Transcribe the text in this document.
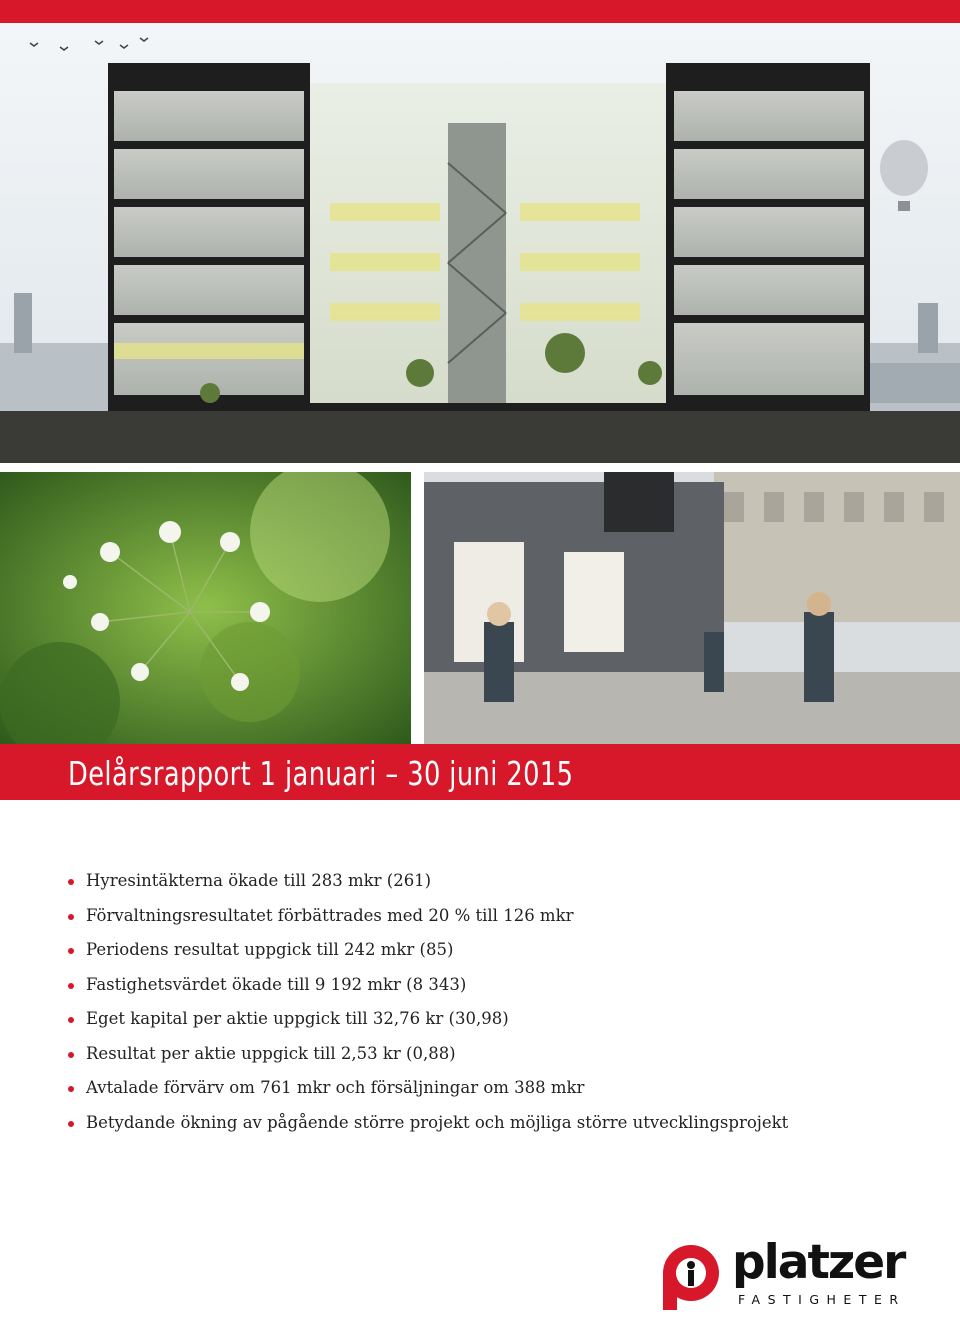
Delårsrapport 1 januari – 30 juni 2015
Hyresintäkterna ökade till 283 mkr (261)
Förvaltningsresultatet förbättrades med 20 % till 126 mkr
Periodens resultat uppgick till 242 mkr (85)
Fastighetsvärdet ökade till 9 192 mkr (8 343)
Eget kapital per aktie uppgick till 32,76 kr (30,98)
Resultat per aktie uppgick till 2,53 kr (0,88)
Avtalade förvärv om 761 mkr och försäljningar om 388 mkr
Betydande ökning av pågående större projekt och möjliga större utvecklingsprojekt
platzer
FASTIGHETER
